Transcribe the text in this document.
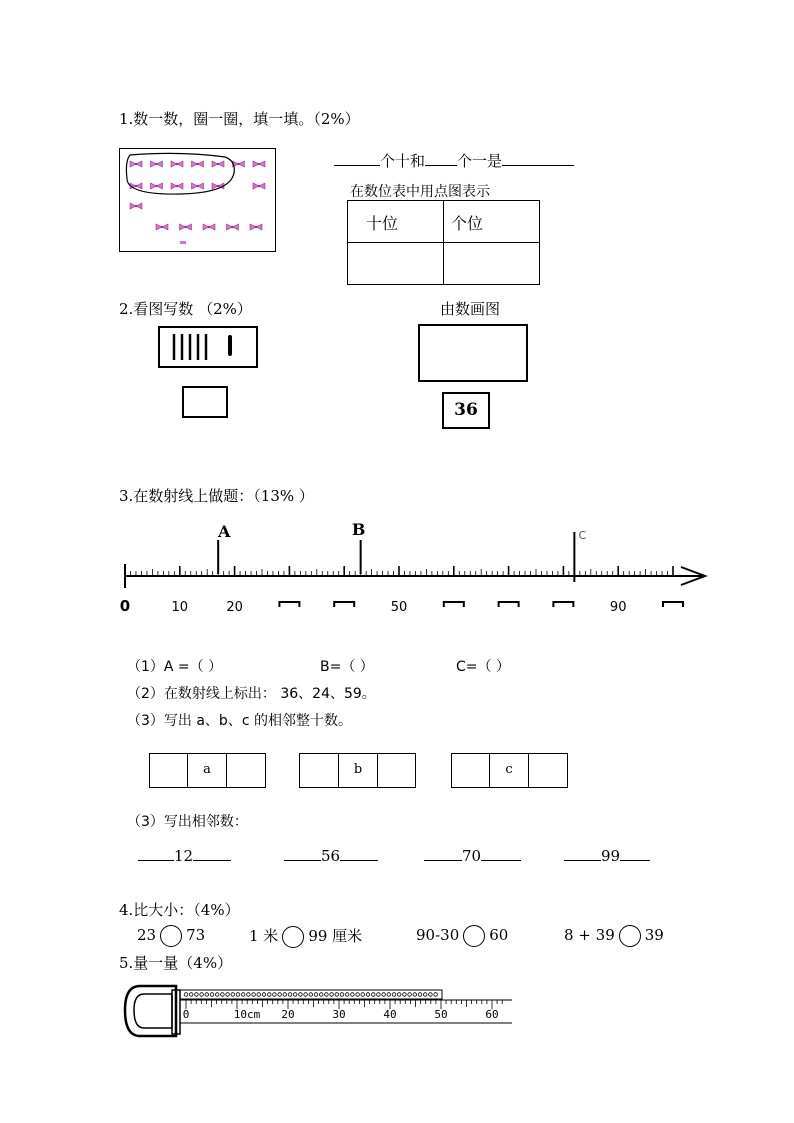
1.数一数，圈一圈，填一填。（2%）
个十和 个一是
在数位表中用点图表示
十位	个位
2.看图写数 （2%）	由数画图
36
3.在数射线上做题：（13% ）
0	10	20	50	90
A	B	C
（1）A =（ ）	B=（ ）	C=（ ）
（2）在数射线上标出： 36、24、59。
（3）写出 a、b、c 的相邻整十数。
a	b	c
（3）写出相邻数：
12	56	70	99
4.比大小：（4%）
23 73	1 米 99 厘米	90-30 60	8 + 39 39
5.量一量（4%）
0	10cm 20	30	40	50	60
